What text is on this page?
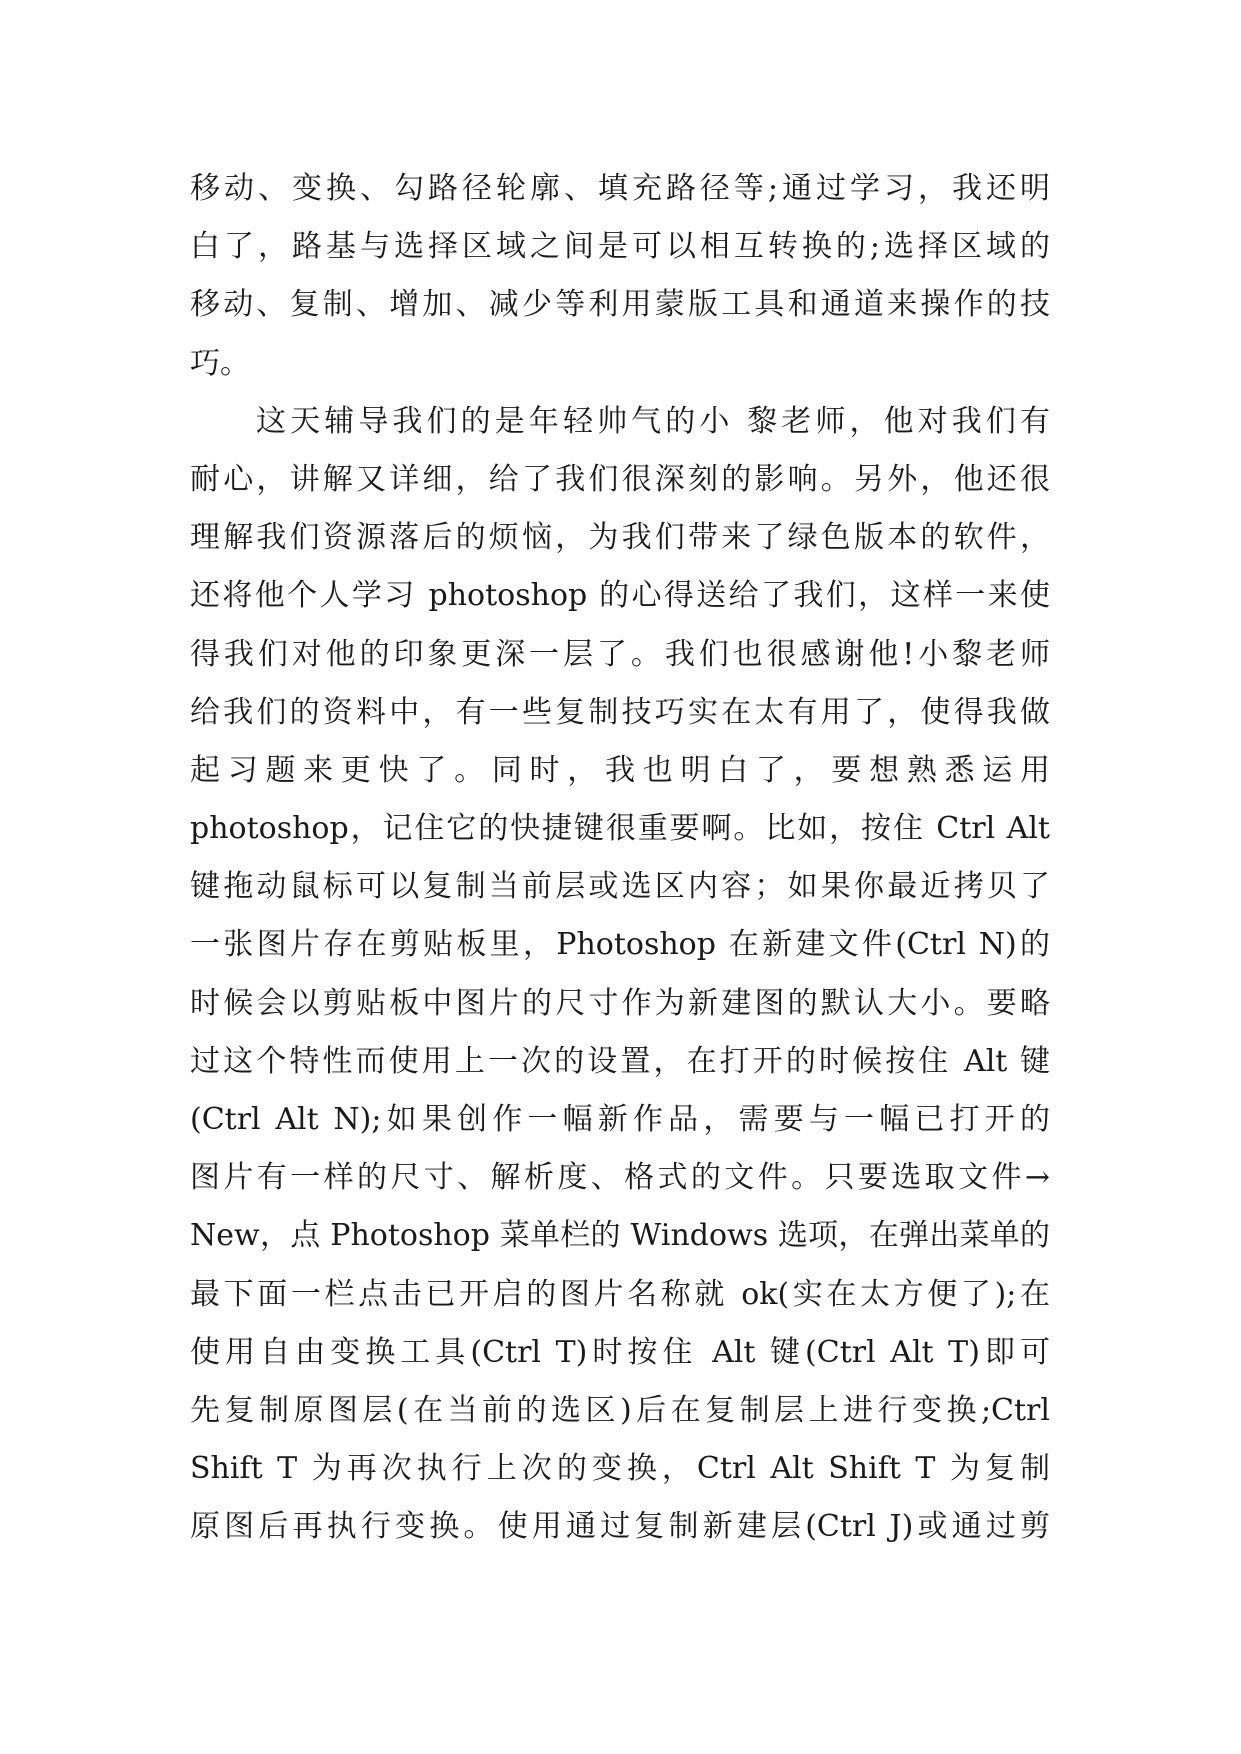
移动、变换、勾路径轮廓、填充路径等;通过学习，我还明
白了，路基与选择区域之间是可以相互转换的;选择区域的
移动、复制、增加、减少等利用蒙版工具和通道来操作的技
巧。
这天辅导我们的是年轻帅气的小 黎老师，他对我们有
耐心，讲解又详细，给了我们很深刻的影响。另外，他还很
理解我们资源落后的烦恼，为我们带来了绿色版本的软件，
还将他个人学习 photoshop 的心得送给了我们，这样一来使
得我们对他的印象更深一层了。我们也很感谢他!小黎老师
给我们的资料中，有一些复制技巧实在太有用了，使得我做
起习题来更快了。同时，我也明白了，要想熟悉运用
photoshop，记住它的快捷键很重要啊。比如，按住 Ctrl Alt
键拖动鼠标可以复制当前层或选区内容；如果你最近拷贝了
一张图片存在剪贴板里，Photoshop 在新建文件(Ctrl N)的
时候会以剪贴板中图片的尺寸作为新建图的默认大小。要略
过这个特性而使用上一次的设置，在打开的时候按住 Alt 键
(Ctrl Alt N);如果创作一幅新作品，需要与一幅已打开的
图片有一样的尺寸、解析度、格式的文件。只要选取文件→
New，点 Photoshop 菜单栏的 Windows 选项，在弹出菜单的
最下面一栏点击已开启的图片名称就 ok(实在太方便了);在
使用自由变换工具(Ctrl T)时按住 Alt 键(Ctrl Alt T)即可
先复制原图层(在当前的选区)后在复制层上进行变换;Ctrl
Shift T 为再次执行上次的变换，Ctrl Alt Shift T 为复制
原图后再执行变换。使用通过复制新建层(Ctrl J)或通过剪
